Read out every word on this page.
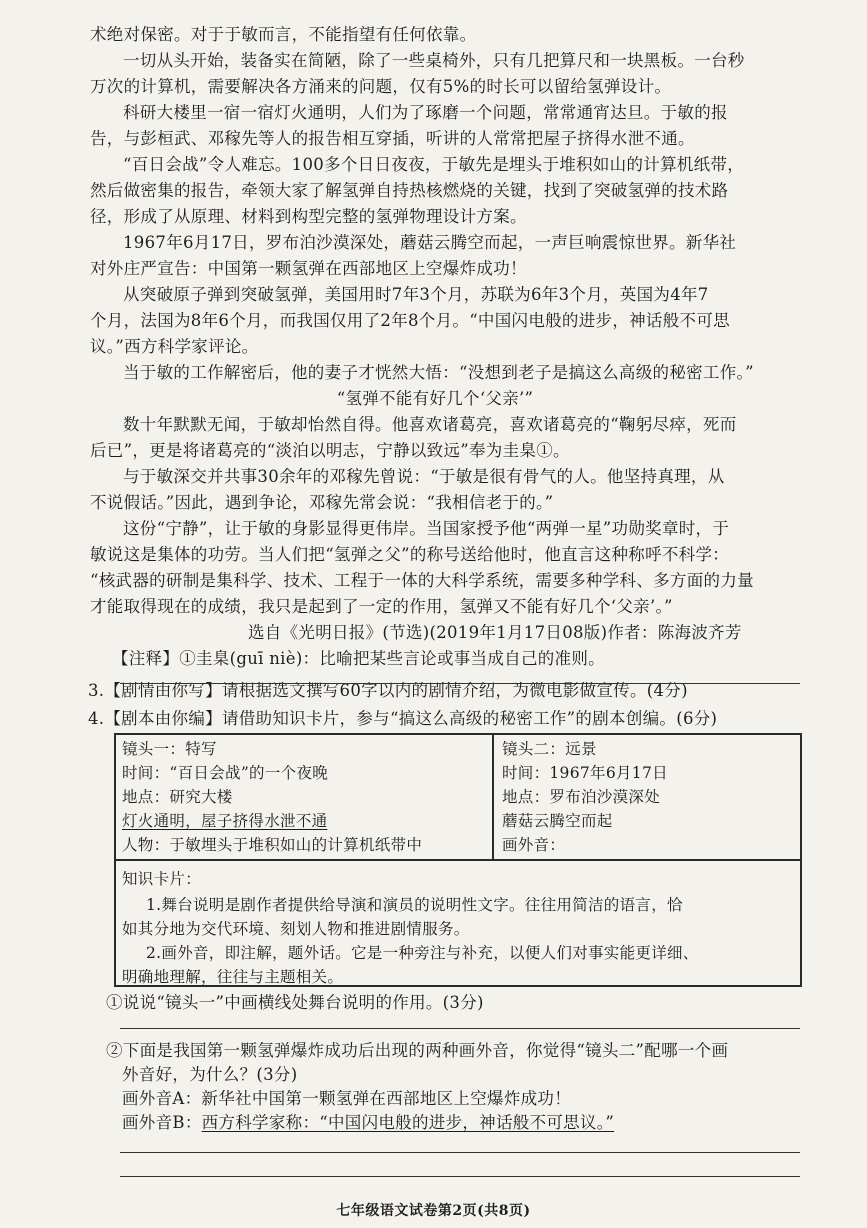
术绝对保密。对于于敏而言，不能指望有任何依靠。
一切从头开始，装备实在简陋，除了一些桌椅外，只有几把算尺和一块黑板。一台秒
万次的计算机，需要解决各方涌来的问题，仅有5%的时长可以留给氢弹设计。
科研大楼里一宿一宿灯火通明，人们为了琢磨一个问题，常常通宵达旦。于敏的报
告，与彭桓武、邓稼先等人的报告相互穿插，听讲的人常常把屋子挤得水泄不通。
“百日会战”令人难忘。100多个日日夜夜，于敏先是埋头于堆积如山的计算机纸带，
然后做密集的报告，牵领大家了解氢弹自持热核燃烧的关键，找到了突破氢弹的技术路
径，形成了从原理、材料到构型完整的氢弹物理设计方案。
1967年6月17日，罗布泊沙漠深处，蘑菇云腾空而起，一声巨响震惊世界。新华社
对外庄严宣告：中国第一颗氢弹在西部地区上空爆炸成功！
从突破原子弹到突破氢弹，美国用时7年3个月，苏联为6年3个月，英国为4年7
个月，法国为8年6个月，而我国仅用了2年8个月。“中国闪电般的进步，神话般不可思
议。”西方科学家评论。
当于敏的工作解密后，他的妻子才恍然大悟：“没想到老子是搞这么高级的秘密工作。”
“氢弹不能有好几个‘父亲’”
数十年默默无闻，于敏却怡然自得。他喜欢诸葛亮，喜欢诸葛亮的“鞠躬尽瘁，死而
后已”，更是将诸葛亮的“淡泊以明志，宁静以致远”奉为圭臬①。
与于敏深交并共事30余年的邓稼先曾说：“于敏是很有骨气的人。他坚持真理，从
不说假话。”因此，遇到争论，邓稼先常会说：“我相信老于的。”
这份“宁静”，让于敏的身影显得更伟岸。当国家授予他“两弹一星”功勋奖章时，于
敏说这是集体的功劳。当人们把“氢弹之父”的称号送给他时，他直言这种称呼不科学：
“核武器的研制是集科学、技术、工程于一体的大科学系统，需要多种学科、多方面的力量
才能取得现在的成绩，我只是起到了一定的作用，氢弹又不能有好几个‘父亲’。”
选自《光明日报》(节选)(2019年1月17日08版)作者：陈海波齐芳
【注释】①圭臬(guī niè)：比喻把某些言论或事当成自己的准则。
3.【剧情由你写】请根据选文撰写60字以内的剧情介绍，为微电影做宣传。(4分)
4.【剧本由你编】请借助知识卡片，参与“搞这么高级的秘密工作”的剧本创编。(6分)
镜头一：特写
时间：“百日会战”的一个夜晚
地点：研究大楼
灯火通明，屋子挤得水泄不通
人物：于敏埋头于堆积如山的计算机纸带中
镜头二：远景
时间：1967年6月17日
地点：罗布泊沙漠深处
蘑菇云腾空而起
画外音：
知识卡片：
1.舞台说明是剧作者提供给导演和演员的说明性文字。往往用简洁的语言，恰
如其分地为交代环境、刻划人物和推进剧情服务。
2.画外音，即注解，题外话。它是一种旁注与补充，以便人们对事实能更详细、
明确地理解，往往与主题相关。
①说说“镜头一”中画横线处舞台说明的作用。(3分)
②下面是我国第一颗氢弹爆炸成功后出现的两种画外音，你觉得“镜头二”配哪一个画
外音好，为什么？(3分)
画外音A：新华社中国第一颗氢弹在西部地区上空爆炸成功！
画外音B：西方科学家称：“中国闪电般的进步，神话般不可思议。”
七年级语文试卷第2页(共8页)
